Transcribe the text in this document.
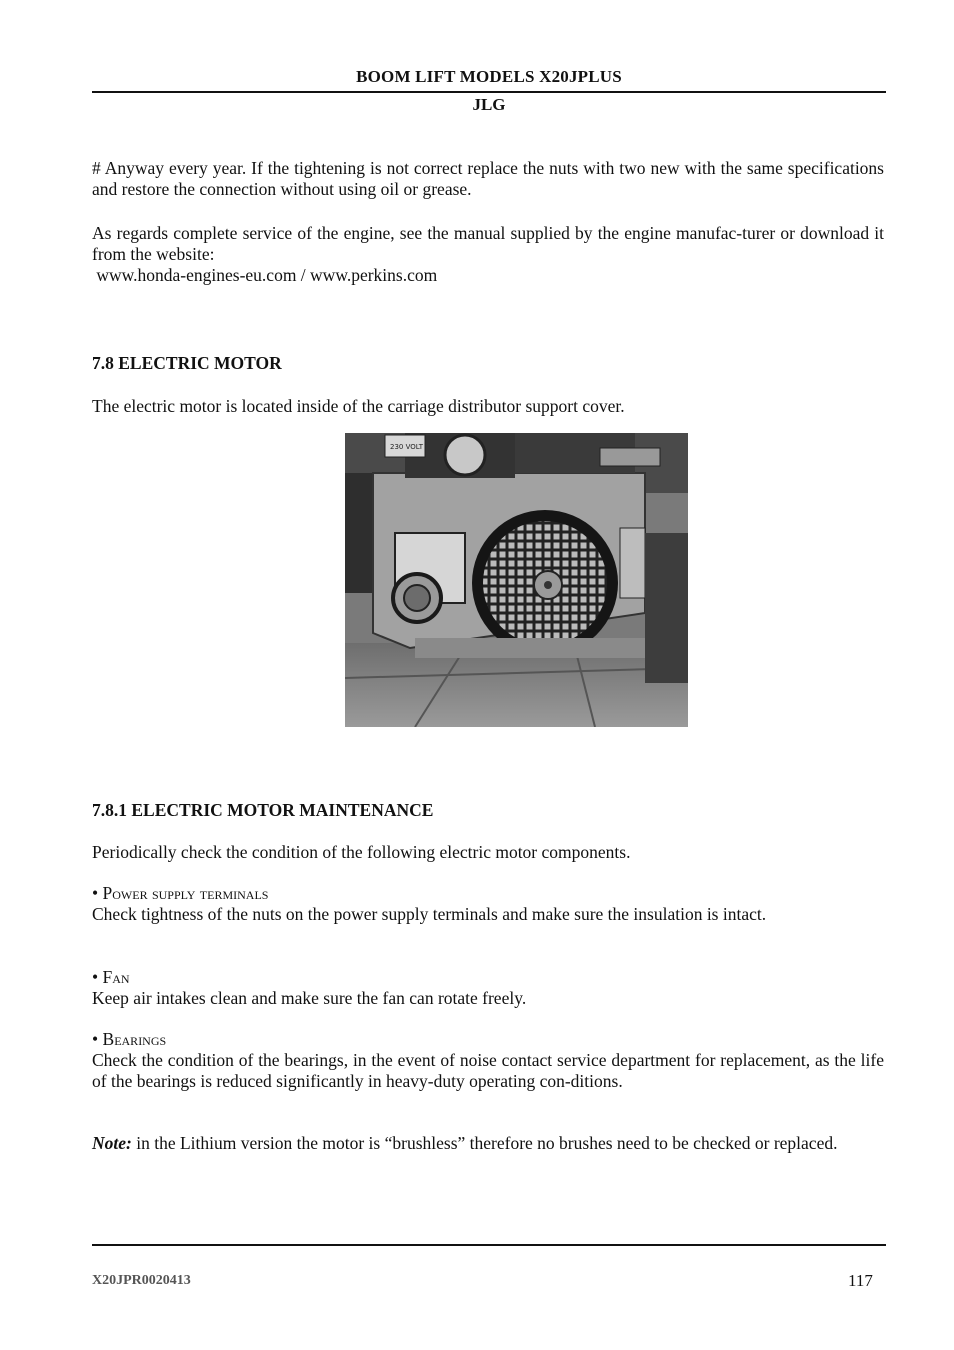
BOOM LIFT MODELS X20JPLUS
JLG

# Anyway every year. If the tightening is not correct replace the nuts with two new with the same specifications and restore the connection without using oil or grease.

As regards complete service of the engine, see the manual supplied by the engine manufac-turer or download it from the website:

www.honda-engines-eu.com / www.perkins.com

7.8 ELECTRIC MOTOR

The electric motor is located inside of the carriage distributor support cover.

230 VOLT
7.8.1 ELECTRIC MOTOR MAINTENANCE

Periodically check the condition of the following electric motor components.

• Power supply terminals

Check tightness of the nuts on the power supply terminals and make sure the insulation is intact.

• Fan

Keep air intakes clean and make sure the fan can rotate freely.

• Bearings

Check the condition of the bearings, in the event of noise contact service department for replacement, as the life of the bearings is reduced significantly in heavy-duty operating con-ditions.

Note: in the Lithium version the motor is “brushless” therefore no brushes need to be checked or replaced.

X20JPR0020413	117
